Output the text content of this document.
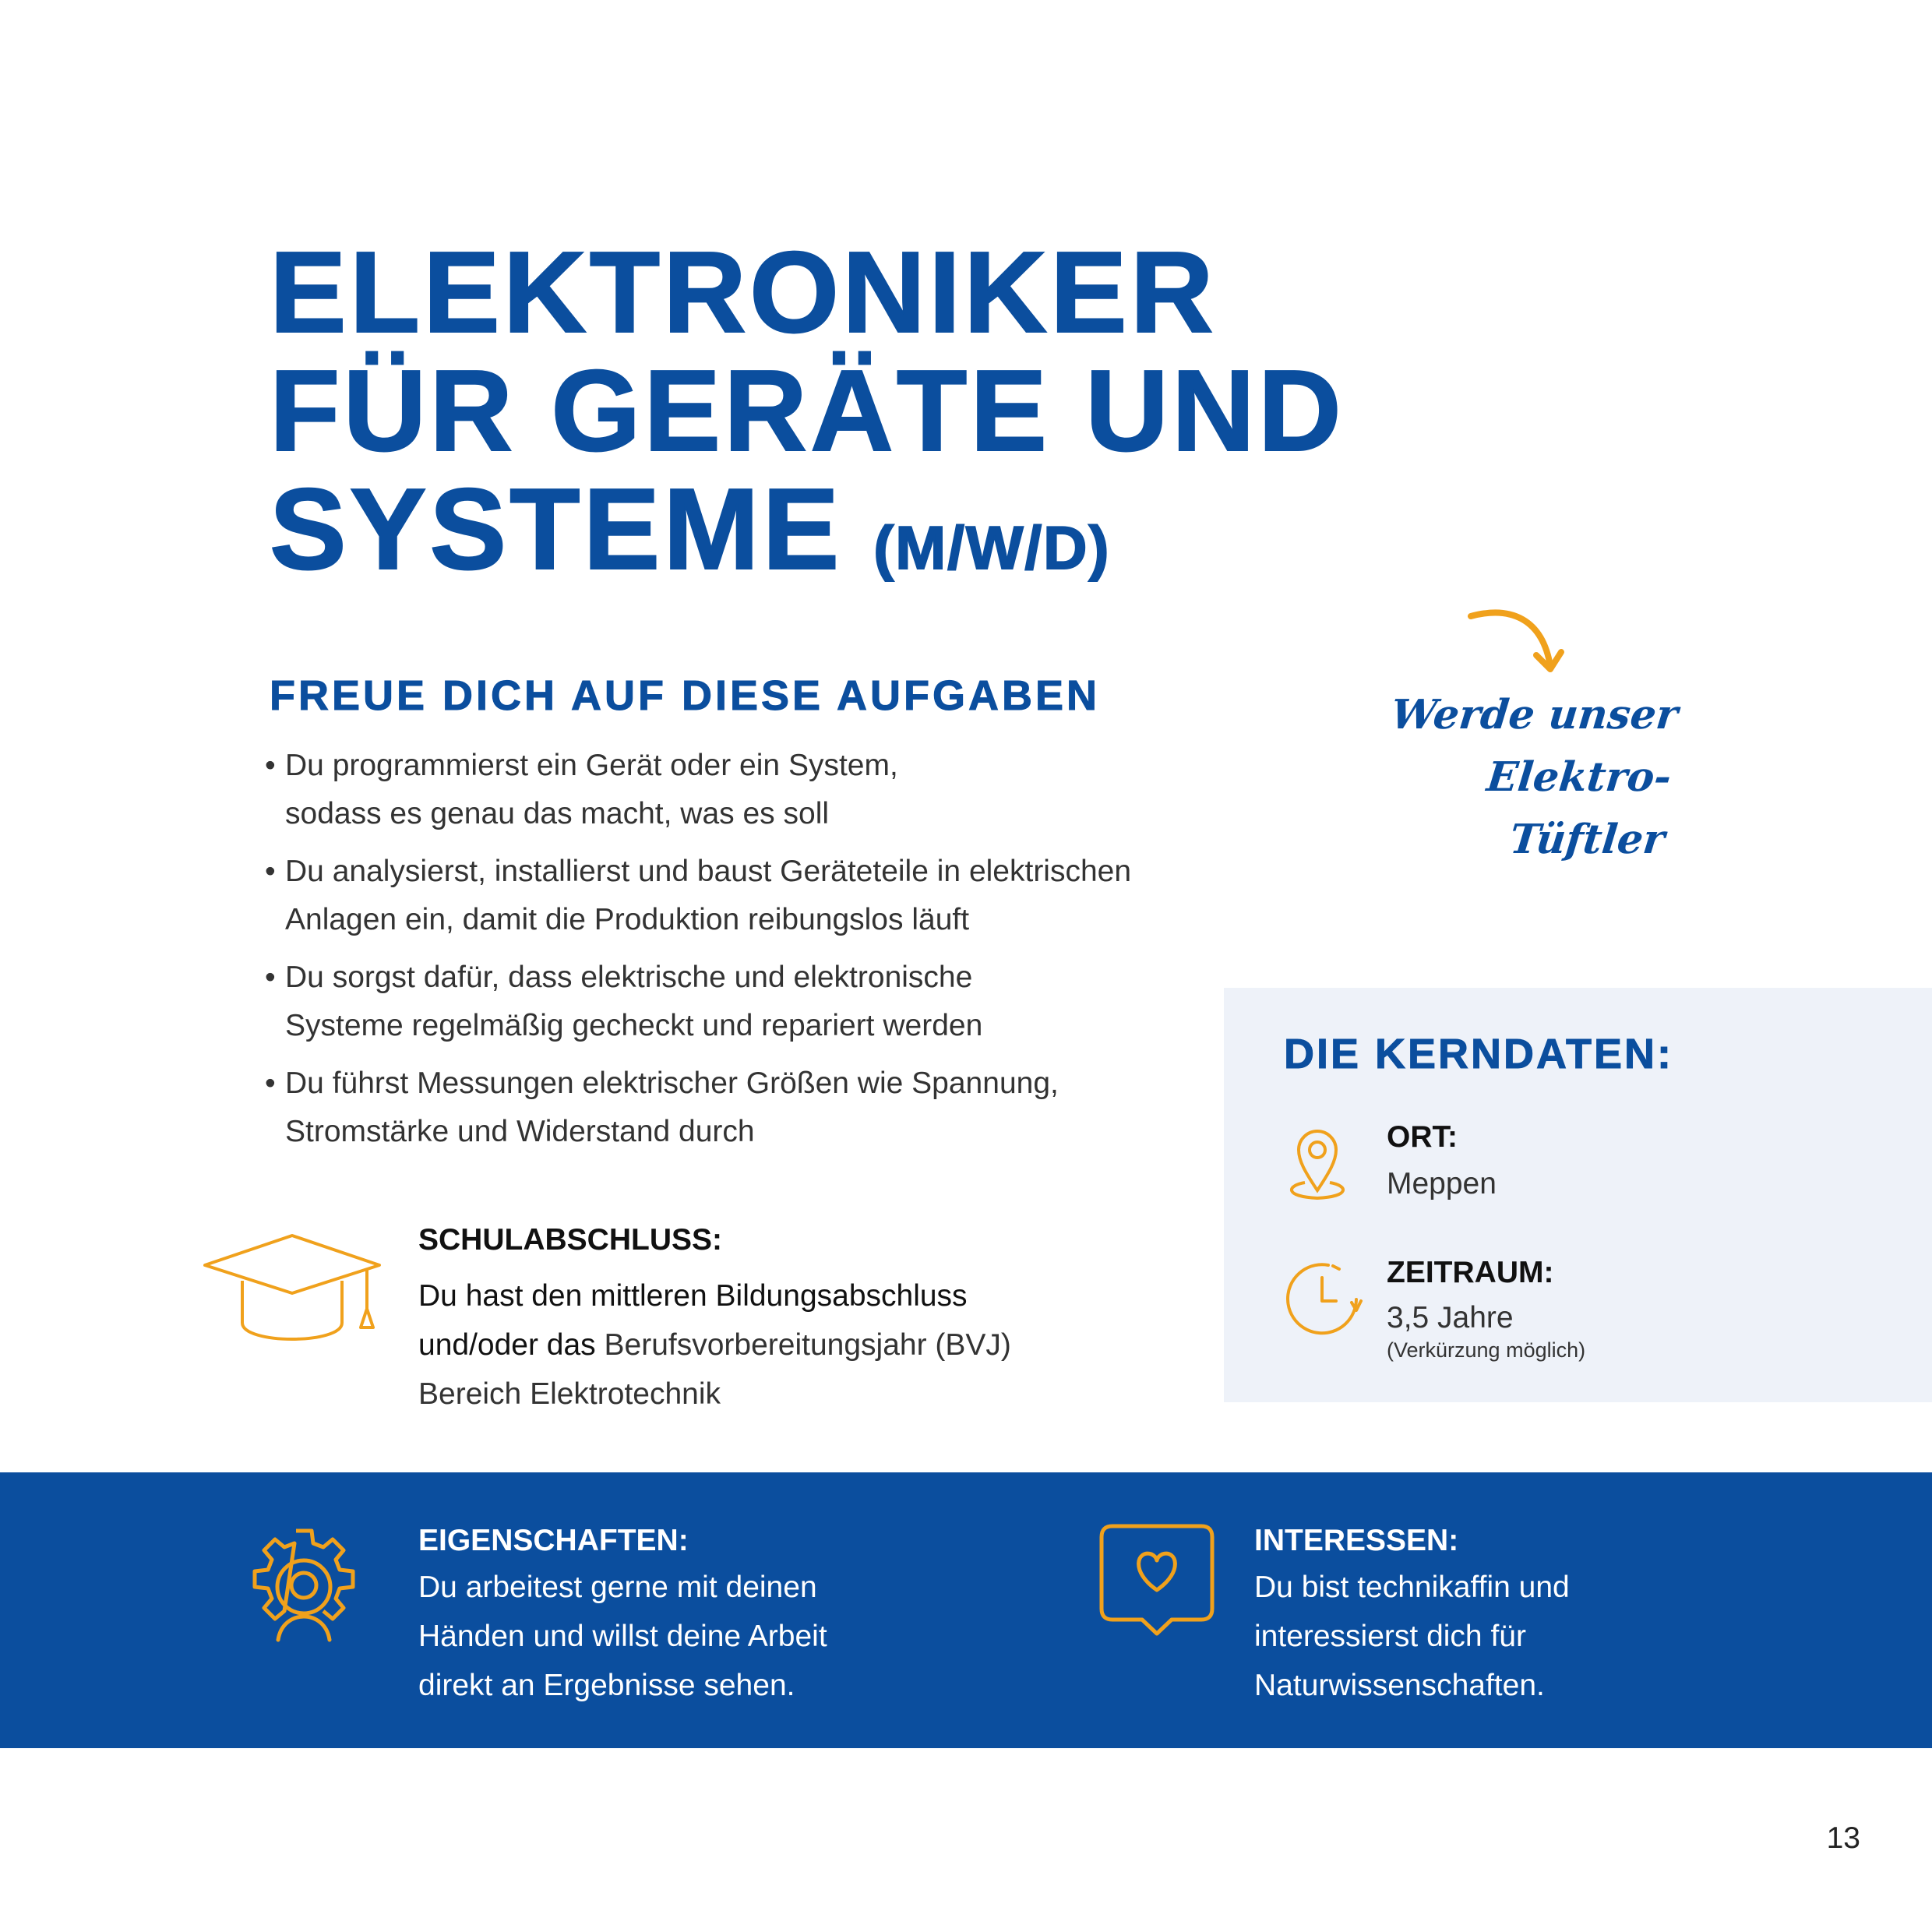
ELEKTRONIKER
FÜR GERÄTE UND
SYSTEME (M/W/D)
FREUE DICH AUF DIESE AUFGABEN
• Du programmierst ein Gerät oder ein System,
sodass es genau das macht, was es soll
• Du analysierst, installierst und baust Geräteteile in elektrischen
Anlagen ein, damit die Produktion reibungslos läuft
• Du sorgst dafür, dass elektrische und elektronische
Systeme regelmäßig gecheckt und repariert werden
• Du führst Messungen elektrischer Größen wie Spannung,
Stromstärke und Widerstand durch
Werde unser
Elektro-Tüftler
DIE KERNDATEN:
ORT:
Meppen
ZEITRAUM:
3,5 Jahre
(Verkürzung möglich)
SCHULABSCHLUSS:
Du hast den mittleren Bildungsabschluss
und/oder das Berufsvorbereitungsjahr (BVJ)
Bereich Elektrotechnik
EIGENSCHAFTEN:
Du arbeitest gerne mit deinen
Händen und willst deine Arbeit
direkt an Ergebnisse sehen.
INTERESSEN:
Du bist technikaffin und
interessierst dich für
Naturwissenschaften.
13
